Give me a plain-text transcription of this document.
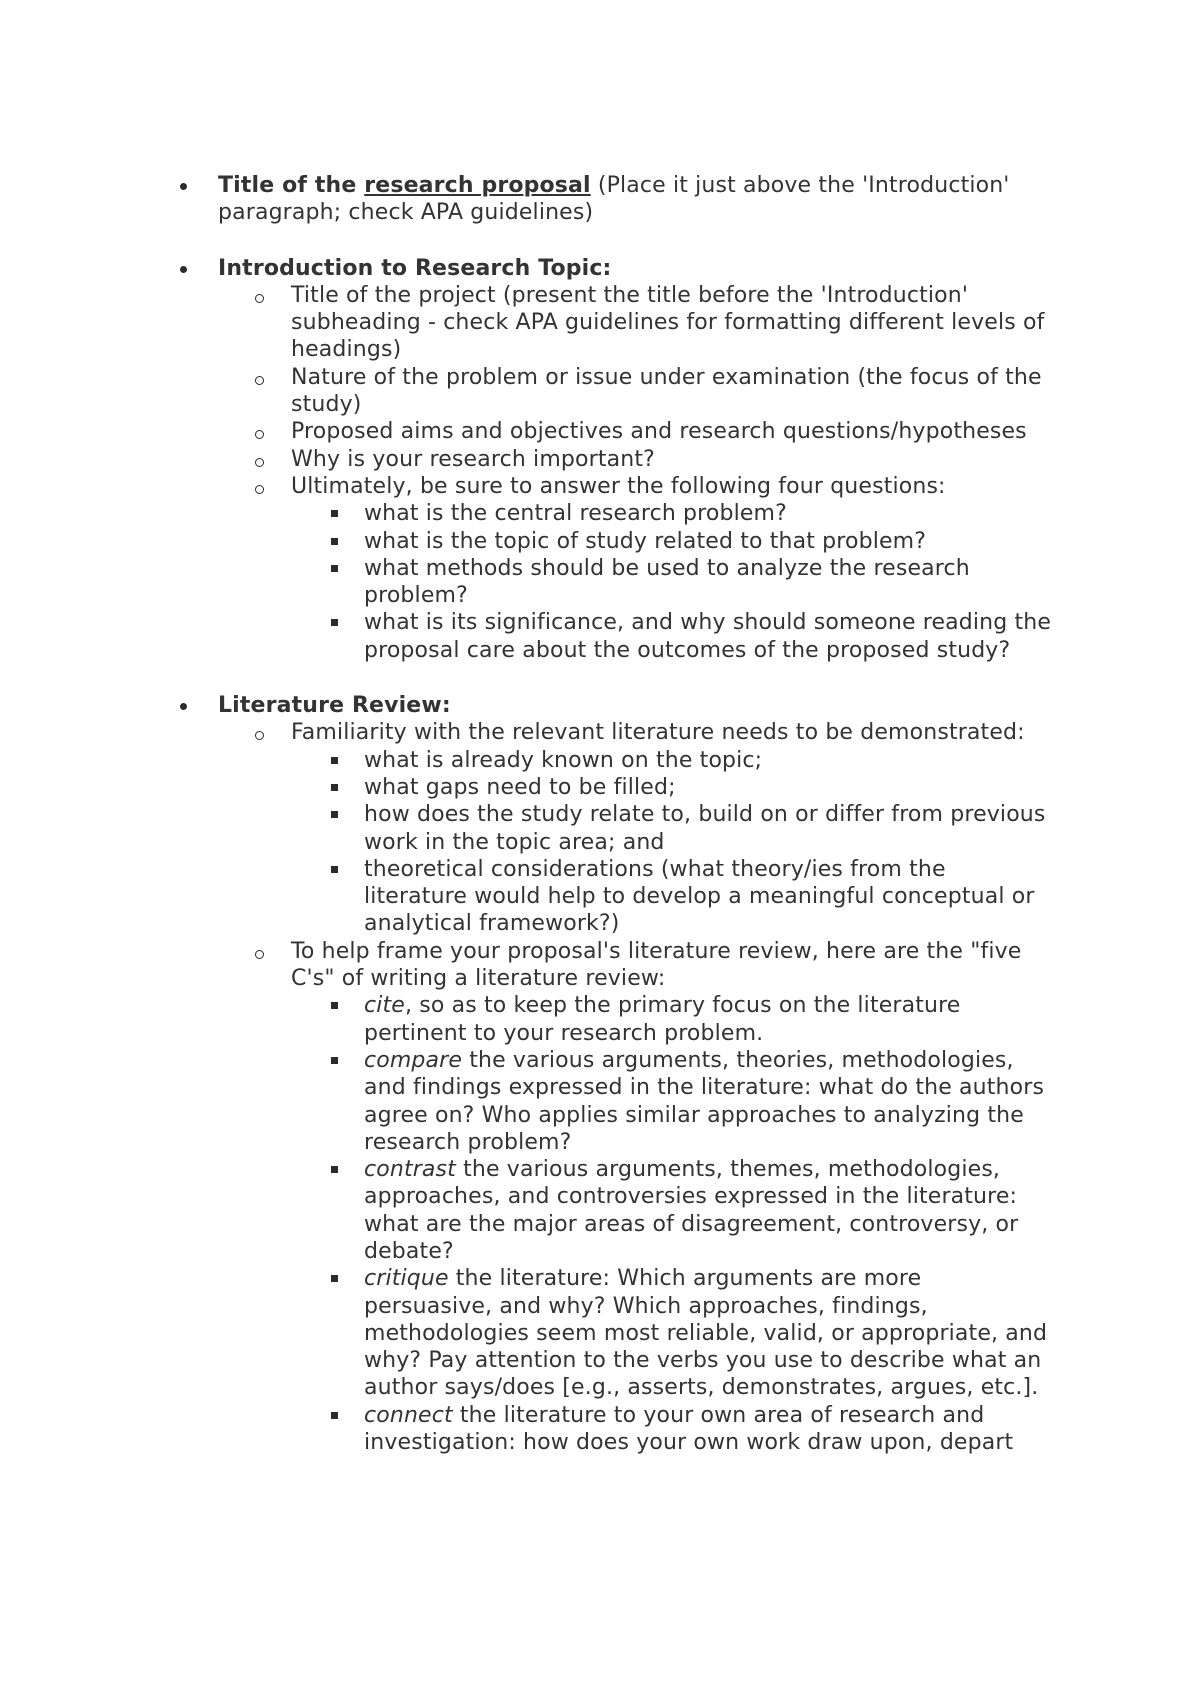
Title of the research proposal (Place it just above the 'Introduction' paragraph; check APA guidelines)
Introduction to Research Topic:
Title of the project (present the title before the 'Introduction' subheading - check APA guidelines for formatting different levels of headings)
Nature of the problem or issue under examination (the focus of the study)
Proposed aims and objectives and research questions/hypotheses
Why is your research important?
Ultimately, be sure to answer the following four questions:
what is the central research problem?
what is the topic of study related to that problem?
what methods should be used to analyze the research problem?
what is its significance, and why should someone reading the proposal care about the outcomes of the proposed study?
Literature Review:
Familiarity with the relevant literature needs to be demonstrated:
what is already known on the topic;
what gaps need to be filled;
how does the study relate to, build on or differ from previous work in the topic area; and
theoretical considerations (what theory/ies from the literature would help to develop a meaningful conceptual or analytical framework?)
To help frame your proposal's literature review, here are the "five C's" of writing a literature review:
cite, so as to keep the primary focus on the literature pertinent to your research problem.
compare the various arguments, theories, methodologies, and findings expressed in the literature: what do the authors agree on? Who applies similar approaches to analyzing the research problem?
contrast the various arguments, themes, methodologies, approaches, and controversies expressed in the literature: what are the major areas of disagreement, controversy, or debate?
critique the literature: Which arguments are more persuasive, and why? Which approaches, findings, methodologies seem most reliable, valid, or appropriate, and why? Pay attention to the verbs you use to describe what an author says/does [e.g., asserts, demonstrates, argues, etc.].
connect the literature to your own area of research and investigation: how does your own work draw upon, depart
